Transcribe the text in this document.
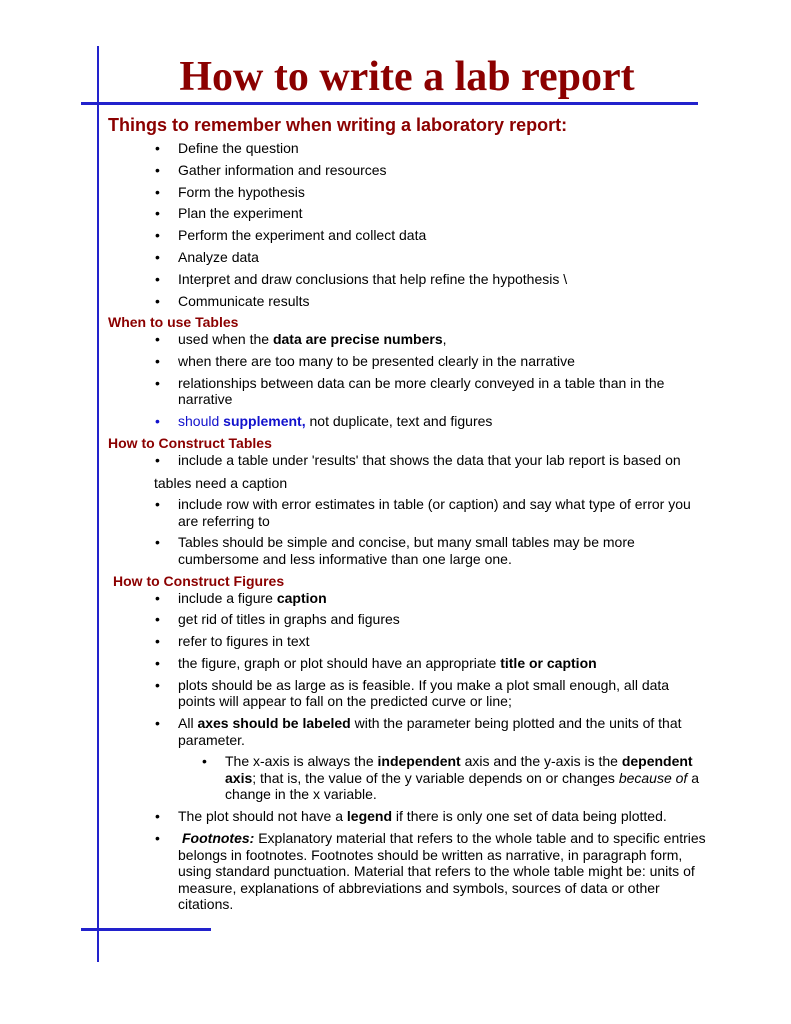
How to write a lab report
Things to remember when writing a laboratory report:
• Define the question
• Gather information and resources
• Form the hypothesis
• Plan the experiment
• Perform the experiment and collect data
• Analyze data
• Interpret and draw conclusions that help refine the hypothesis \
• Communicate results
When to use Tables
• used when the data are precise numbers,
• when there are too many to be presented clearly in the narrative
• relationships between data can be more clearly conveyed in a table than in the narrative
• should supplement, not duplicate, text and figures
How to Construct Tables
• include a table under 'results' that shows the data that your lab report is based on
tables need a caption
• include row with error estimates in table (or caption) and say what type of error you are referring to
• Tables should be simple and concise, but many small tables may be more cumbersome and less informative than one large one.
How to Construct Figures
• include a figure caption
• get rid of titles in graphs and figures
• refer to figures in text
• the figure, graph or plot should have an appropriate title or caption
• plots should be as large as is feasible. If you make a plot small enough, all data points will appear to fall on the predicted curve or line;
• All axes should be labeled with the parameter being plotted and the units of that parameter.
• The x-axis is always the independent axis and the y-axis is the dependent axis; that is, the value of the y variable depends on or changes because of a change in the x variable.
• The plot should not have a legend if there is only one set of data being plotted.
• Footnotes: Explanatory material that refers to the whole table and to specific entries belongs in footnotes. Footnotes should be written as narrative, in paragraph form, using standard punctuation. Material that refers to the whole table might be: units of measure, explanations of abbreviations and symbols, sources of data or other citations.
